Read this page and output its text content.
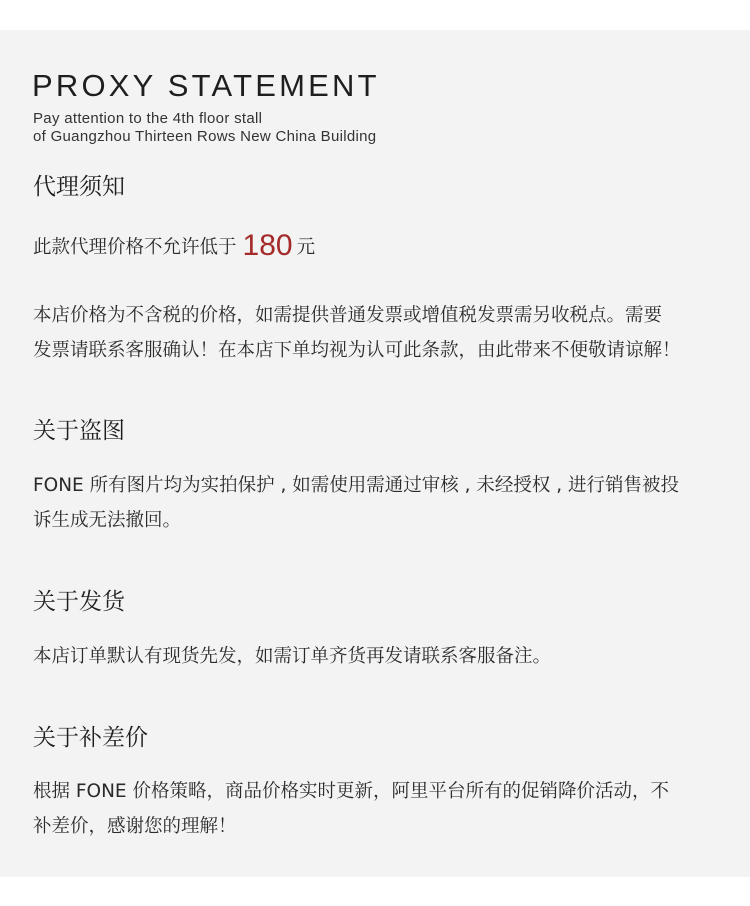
PROXY STATEMENT
Pay attention to the 4th floor stall
of Guangzhou Thirteen Rows New China Building
代理须知
此款代理价格不允许低于 180 元

本店价格为不含税的价格，如需提供普通发票或增值税发票需另收税点。需要
发票请联系客服确认！在本店下单均视为认可此条款，由此带来不便敬请谅解！

关于盗图

FONE 所有图片均为实拍保护 , 如需使用需通过审核 , 未经授权 , 进行销售被投
诉生成无法撤回。

关于发货

本店订单默认有现货先发，如需订单齐货再发请联系客服备注。

关于补差价

根据 FONE 价格策略，商品价格实时更新，阿里平台所有的促销降价活动，不
补差价，感谢您的理解！
